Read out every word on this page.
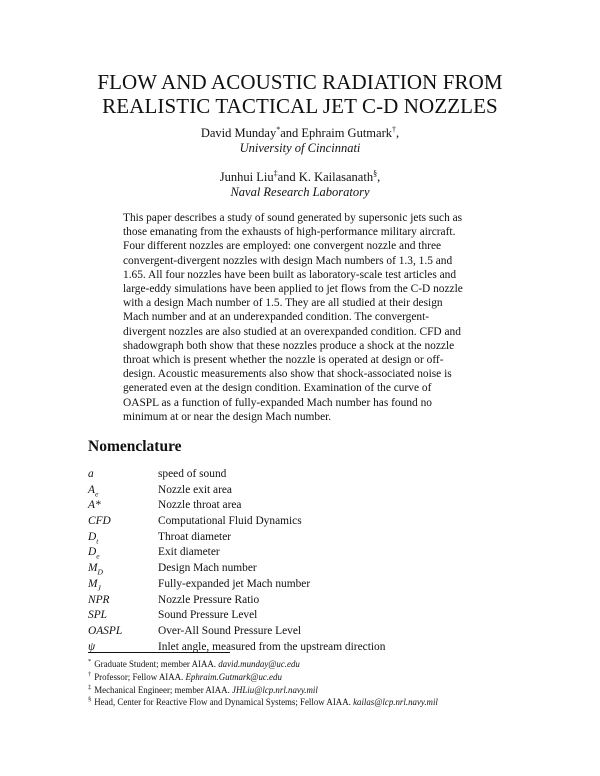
FLOW AND ACOUSTIC RADIATION FROM
REALISTIC TACTICAL JET C-D NOZZLES
David Munday*and Ephraim Gutmark†,
University of Cincinnati
Junhui Liu‡and K. Kailasanath§,
Naval Research Laboratory
This paper describes a study of sound generated by supersonic jets such as
those emanating from the exhausts of high-performance military aircraft.
Four different nozzles are employed: one convergent nozzle and three
convergent-divergent nozzles with design Mach numbers of 1.3, 1.5 and
1.65. All four nozzles have been built as laboratory-scale test articles and
large-eddy simulations have been applied to jet flows from the C-D nozzle
with a design Mach number of 1.5. They are all studied at their design
Mach number and at an underexpanded condition. The convergent-
divergent nozzles are also studied at an overexpanded condition. CFD and
shadowgraph both show that these nozzles produce a shock at the nozzle
throat which is present whether the nozzle is operated at design or off-
design. Acoustic measurements also show that shock-associated noise is
generated even at the design condition. Examination of the curve of
OASPL as a function of fully-expanded Mach number has found no
minimum at or near the design Mach number.
Nomenclature
a	speed of sound
$A_e$	Nozzle exit area
A*	Nozzle throat area
CFD	Computational Fluid Dynamics
$D_t$	Throat diameter
$D_e$	Exit diameter
$M_D$	Design Mach number
$M_J$	Fully-expanded jet Mach number
NPR	Nozzle Pressure Ratio
SPL	Sound Pressure Level
OASPL	Over-All Sound Pressure Level
ψ	Inlet angle, measured from the upstream direction
* Graduate Student; member AIAA. david.munday@uc.edu
† Professor; Fellow AIAA. Ephraim.Gutmark@uc.edu
‡ Mechanical Engineer; member AIAA. JHLiu@lcp.nrl.navy.mil
§ Head, Center for Reactive Flow and Dynamical Systems; Fellow AIAA. kailas@lcp.nrl.navy.mil
